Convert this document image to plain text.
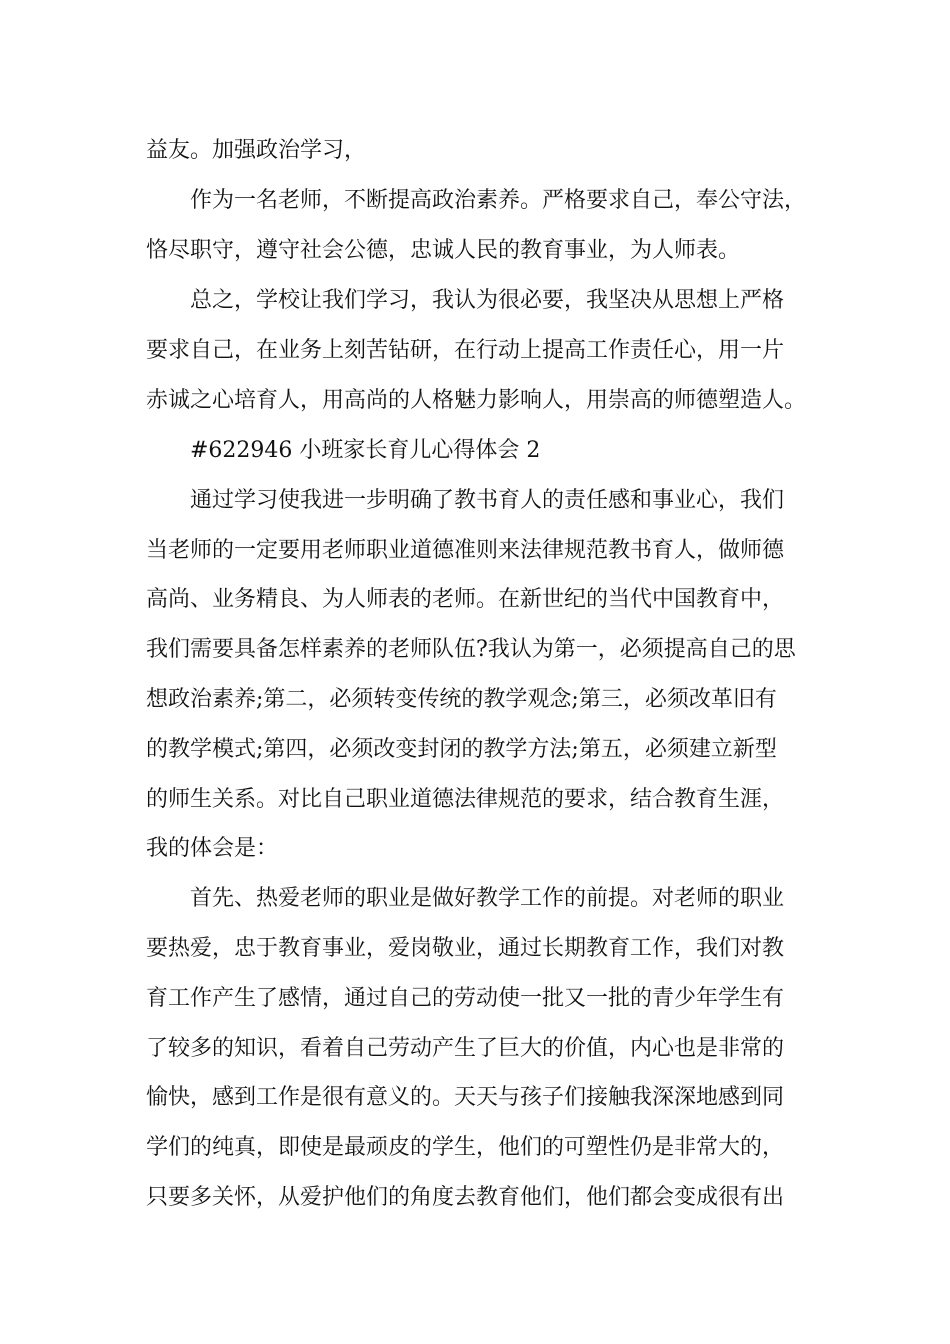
益友。加强政治学习，
作为一名老师，不断提高政治素养。严格要求自己，奉公守法，
恪尽职守，遵守社会公德，忠诚人民的教育事业，为人师表。
总之，学校让我们学习，我认为很必要，我坚决从思想上严格
要求自己，在业务上刻苦钻研，在行动上提高工作责任心，用一片
赤诚之心培育人，用高尚的人格魅力影响人，用崇高的师德塑造人。
#622946 小班家长育儿心得体会 2
通过学习使我进一步明确了教书育人的责任感和事业心，我们
当老师的一定要用老师职业道德准则来法律规范教书育人，做师德
高尚、业务精良、为人师表的老师。在新世纪的当代中国教育中，
我们需要具备怎样素养的老师队伍?我认为第一，必须提高自己的思
想政治素养;第二，必须转变传统的教学观念;第三，必须改革旧有
的教学模式;第四，必须改变封闭的教学方法;第五，必须建立新型
的师生关系。对比自己职业道德法律规范的要求，结合教育生涯，
我的体会是：
首先、热爱老师的职业是做好教学工作的前提。对老师的职业
要热爱，忠于教育事业，爱岗敬业，通过长期教育工作，我们对教
育工作产生了感情，通过自己的劳动使一批又一批的青少年学生有
了较多的知识，看着自己劳动产生了巨大的价值，内心也是非常的
愉快，感到工作是很有意义的。天天与孩子们接触我深深地感到同
学们的纯真，即使是最顽皮的学生，他们的可塑性仍是非常大的，
只要多关怀，从爱护他们的角度去教育他们，他们都会变成很有出
